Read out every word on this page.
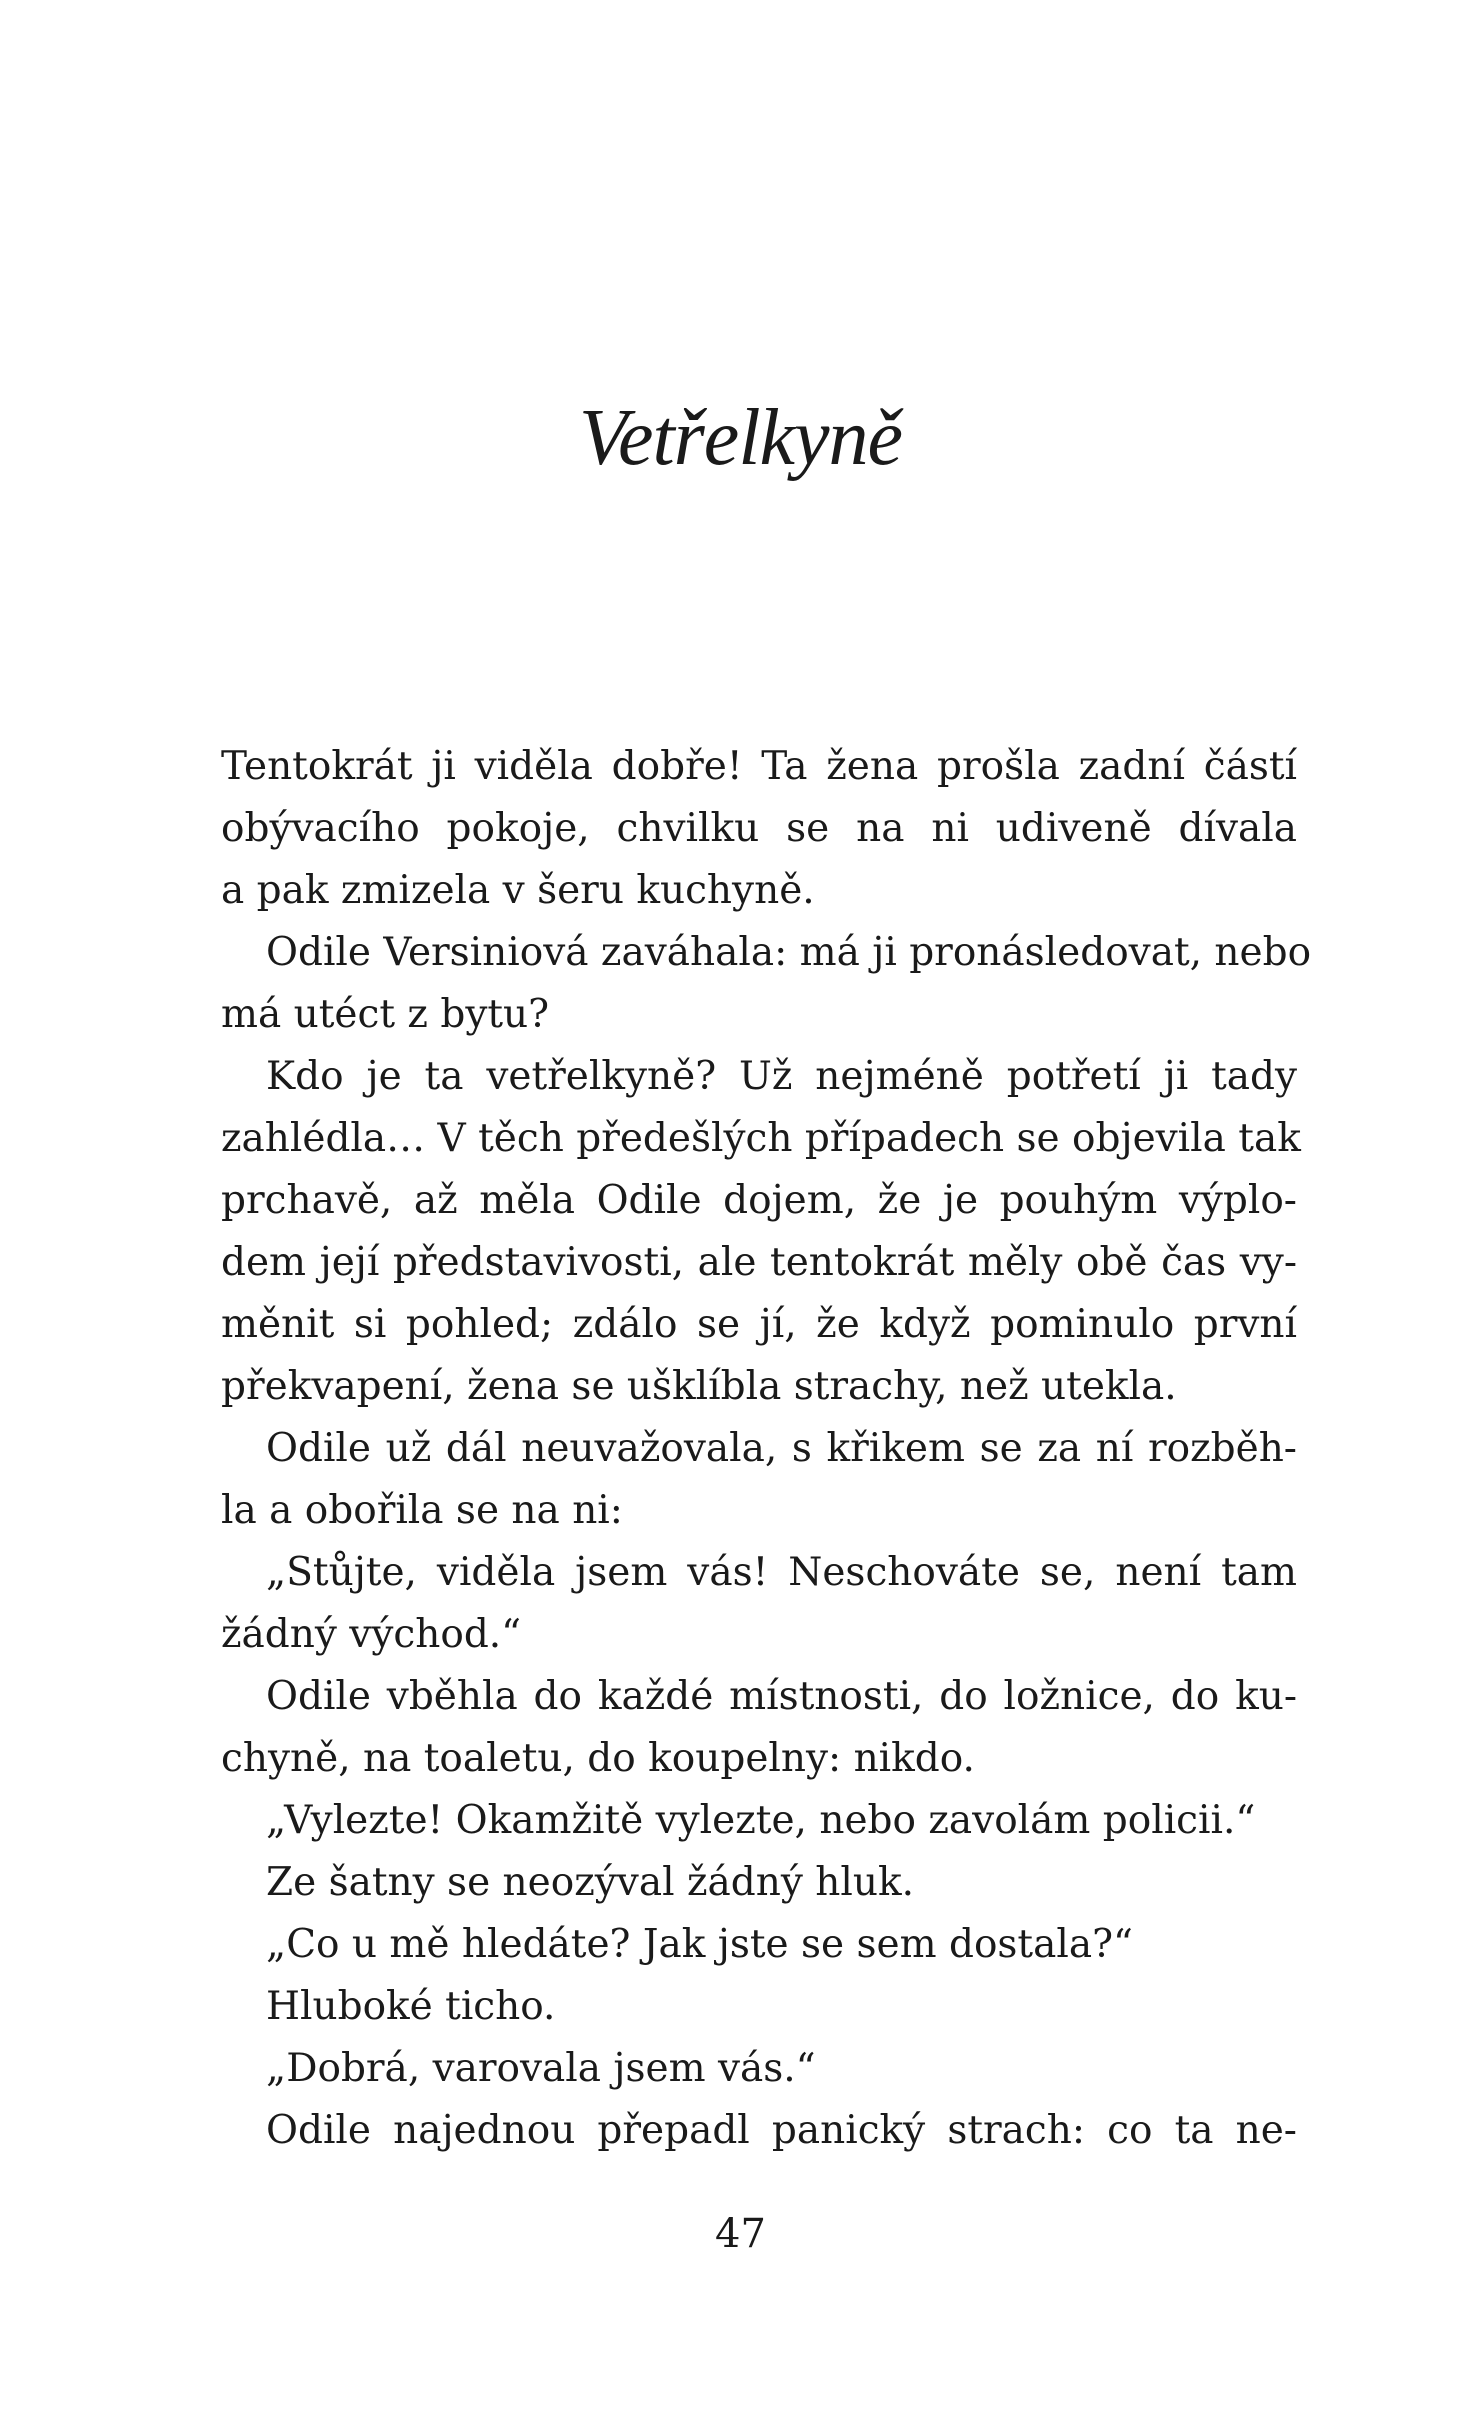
Vetřelkyně
Tentokrát ji viděla dobře! Ta žena prošla zadní částí
obývacího pokoje, chvilku se na ni udiveně dívala
a pak zmizela v šeru kuchyně.
Odile Versiniová zaváhala: má ji pronásledovat, nebo
má utéct z bytu?
Kdo je ta vetřelkyně? Už nejméně potřetí ji tady
zahlédla… V těch předešlých případech se objevila tak
prchavě, až měla Odile dojem, že je pouhým výplo-
dem její představivosti, ale tentokrát měly obě čas vy-
měnit si pohled; zdálo se jí, že když pominulo první
překvapení, žena se ušklíbla strachy, než utekla.
Odile už dál neuvažovala, s křikem se za ní rozběh-
la a obořila se na ni:
„Stůjte, viděla jsem vás! Neschováte se, není tam
žádný východ.“
Odile vběhla do každé místnosti, do ložnice, do ku-
chyně, na toaletu, do koupelny: nikdo.
„Vylezte! Okamžitě vylezte, nebo zavolám policii.“
Ze šatny se neozýval žádný hluk.
„Co u mě hledáte? Jak jste se sem dostala?“
Hluboké ticho.
„Dobrá, varovala jsem vás.“
Odile najednou přepadl panický strach: co ta ne-
47
